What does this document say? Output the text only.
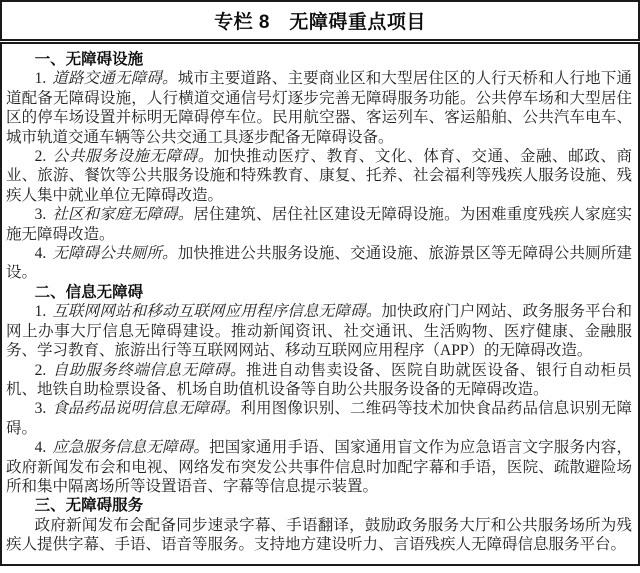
专栏 8　无障碍重点项目
一、无障碍设施

1. 道路交通无障碍。城市主要道路、主要商业区和大型居住区的人行天桥和人行地下通道配备无障碍设施，人行横道交通信号灯逐步完善无障碍服务功能。公共停车场和大型居住区的停车场设置并标明无障碍停车位。民用航空器、客运列车、客运船舶、公共汽车电车、城市轨道交通车辆等公共交通工具逐步配备无障碍设备。

2. 公共服务设施无障碍。加快推动医疗、教育、文化、体育、交通、金融、邮政、商业、旅游、餐饮等公共服务设施和特殊教育、康复、托养、社会福利等残疾人服务设施、残疾人集中就业单位无障碍改造。

3. 社区和家庭无障碍。居住建筑、居住社区建设无障碍设施。为困难重度残疾人家庭实施无障碍改造。

4. 无障碍公共厕所。加快推进公共服务设施、交通设施、旅游景区等无障碍公共厕所建设。

二、信息无障碍

1. 互联网网站和移动互联网应用程序信息无障碍。加快政府门户网站、政务服务平台和网上办事大厅信息无障碍建设。推动新闻资讯、社交通讯、生活购物、医疗健康、金融服务、学习教育、旅游出行等互联网网站、移动互联网应用程序（APP）的无障碍改造。

2. 自助服务终端信息无障碍。推进自动售卖设备、医院自助就医设备、银行自动柜员机、地铁自助检票设备、机场自助值机设备等自助公共服务设备的无障碍改造。

3. 食品药品说明信息无障碍。利用图像识别、二维码等技术加快食品药品信息识别无障碍。

4. 应急服务信息无障碍。把国家通用手语、国家通用盲文作为应急语言文字服务内容，政府新闻发布会和电视、网络发布突发公共事件信息时加配字幕和手语，医院、疏散避险场所和集中隔离场所等设置语音、字幕等信息提示装置。

三、无障碍服务

政府新闻发布会配备同步速录字幕、手语翻译，鼓励政务服务大厅和公共服务场所为残疾人提供字幕、手语、语音等服务。支持地方建设听力、言语残疾人无障碍信息服务平台。
